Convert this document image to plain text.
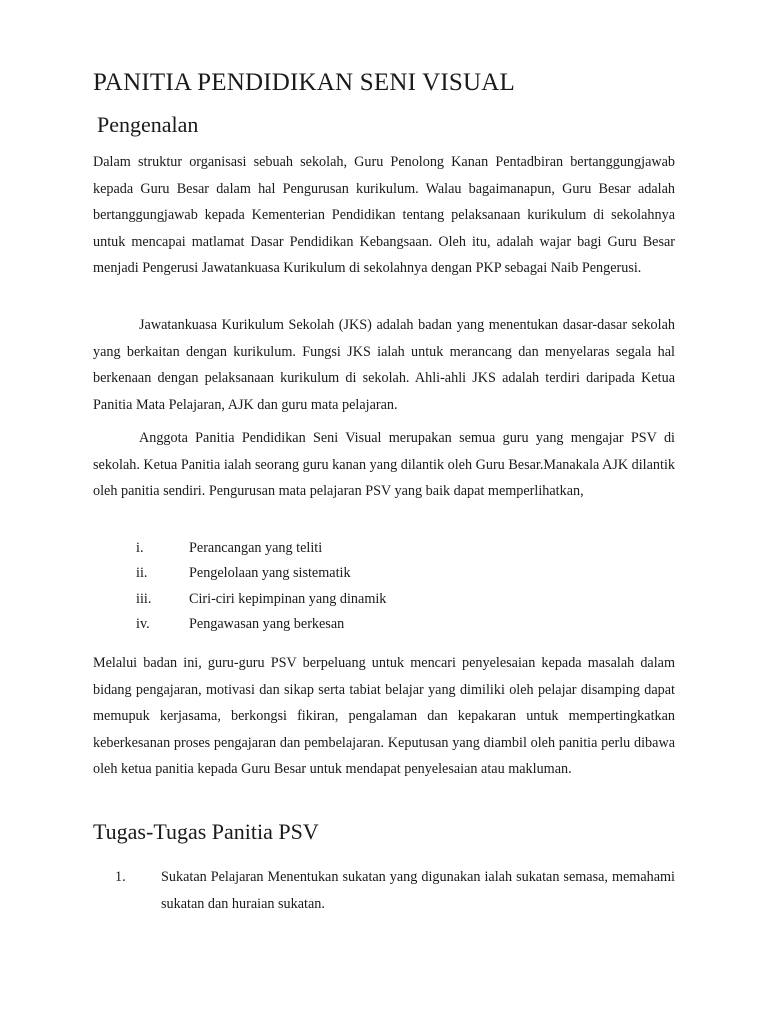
PANITIA PENDIDIKAN SENI VISUAL
Pengenalan

Dalam struktur organisasi sebuah sekolah, Guru Penolong Kanan Pentadbiran bertanggungjawab kepada Guru Besar dalam hal Pengurusan kurikulum. Walau bagaimanapun, Guru Besar adalah bertanggungjawab kepada Kementerian Pendidikan tentang pelaksanaan kurikulum di sekolahnya untuk mencapai matlamat Dasar Pendidikan Kebangsaan. Oleh itu, adalah wajar bagi Guru Besar menjadi Pengerusi Jawatankuasa Kurikulum di sekolahnya dengan PKP sebagai Naib Pengerusi.

Jawatankuasa Kurikulum Sekolah (JKS) adalah badan yang menentukan dasar-dasar sekolah yang berkaitan dengan kurikulum. Fungsi JKS ialah untuk merancang dan menyelaras segala hal berkenaan dengan pelaksanaan kurikulum di sekolah. Ahli-ahli JKS adalah terdiri daripada Ketua Panitia Mata Pelajaran, AJK dan guru mata pelajaran.

Anggota Panitia Pendidikan Seni Visual merupakan semua guru yang mengajar PSV di sekolah. Ketua Panitia ialah seorang guru kanan yang dilantik oleh Guru Besar.Manakala AJK dilantik oleh panitia sendiri. Pengurusan mata pelajaran PSV yang baik dapat memperlihatkan,

i.	Perancangan yang teliti
ii.	Pengelolaan yang sistematik
iii.	Ciri-ciri kepimpinan yang dinamik
iv.	Pengawasan yang berkesan

Melalui badan ini, guru-guru PSV berpeluang untuk mencari penyelesaian kepada masalah dalam bidang pengajaran, motivasi dan sikap serta tabiat belajar yang dimiliki oleh pelajar disamping dapat memupuk kerjasama, berkongsi fikiran, pengalaman dan kepakaran untuk mempertingkatkan keberkesanan proses pengajaran dan pembelajaran. Keputusan yang diambil oleh panitia perlu dibawa oleh ketua panitia kepada Guru Besar untuk mendapat penyelesaian atau makluman.

Tugas-Tugas Panitia PSV
1. Sukatan Pelajaran Menentukan sukatan yang digunakan ialah sukatan semasa, memahami sukatan dan huraian sukatan.
